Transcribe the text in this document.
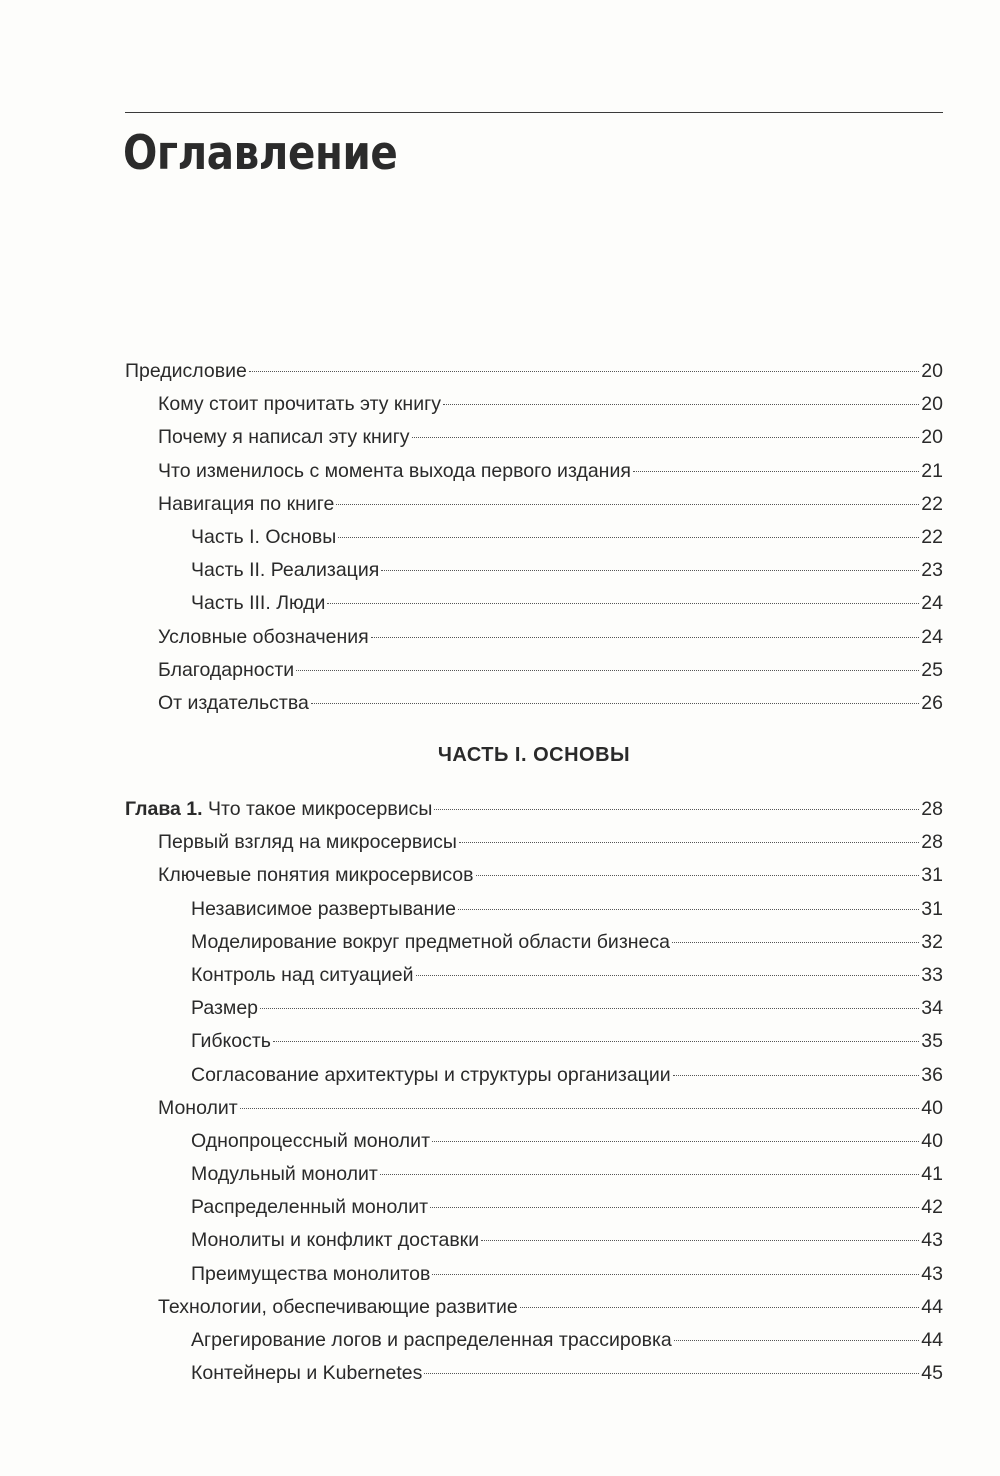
Оглавление
Предисловие	20
Кому стоит прочитать эту книгу	20
Почему я написал эту книгу	20
Что изменилось с момента выхода первого издания	21
Навигация по книге	22
Часть I. Основы	22
Часть II. Реализация	23
Часть III. Люди	24
Условные обозначения	24
Благодарности	25
От издательства	26
ЧАСТЬ I. ОСНОВЫ
Глава 1. Что такое микросервисы	28
Первый взгляд на микросервисы	28
Ключевые понятия микросервисов	31
Независимое развертывание	31
Моделирование вокруг предметной области бизнеса	32
Контроль над ситуацией	33
Размер	34
Гибкость	35
Согласование архитектуры и структуры организации	36
Монолит	40
Однопроцессный монолит	40
Модульный монолит	41
Распределенный монолит	42
Монолиты и конфликт доставки	43
Преимущества монолитов	43
Технологии, обеспечивающие развитие	44
Агрегирование логов и распределенная трассировка	44
Контейнеры и Kubernetes	45
